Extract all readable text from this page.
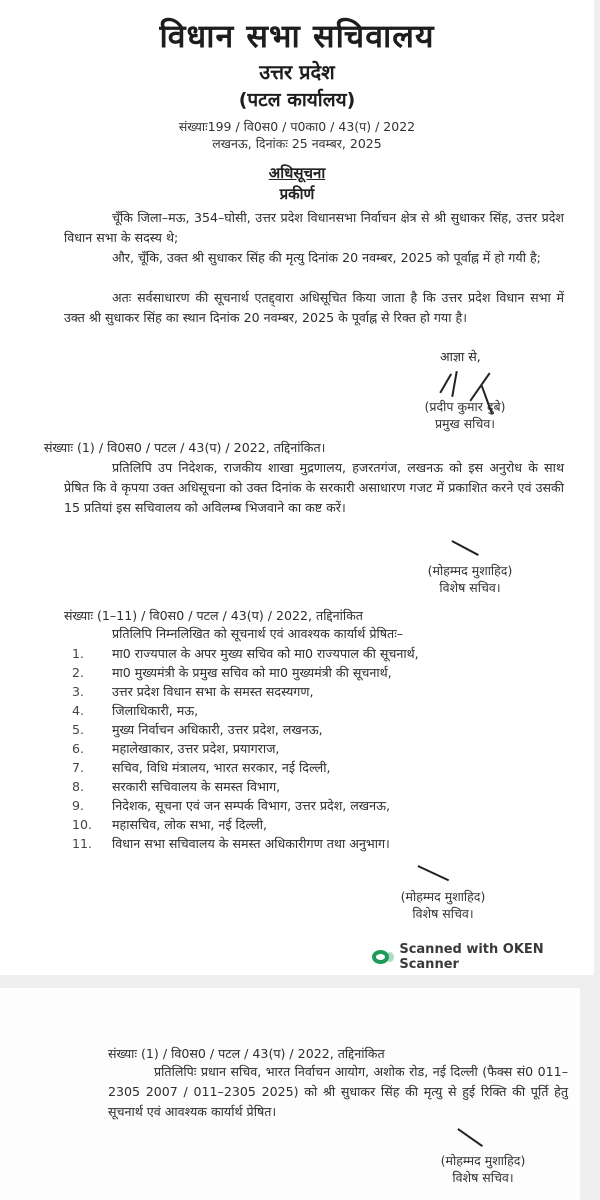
विधान सभा सचिवालय
उत्तर प्रदेश
(पटल कार्यालय)
संख्याः199 / वि0स0 / प0का0 / 43(प) / 2022
लखनऊ, दिनांकः 25 नवम्बर, 2025
अधिसूचना
प्रकीर्ण
चूँकि जिला–मऊ, 354–घोसी, उत्तर प्रदेश विधानसभा निर्वाचन क्षेत्र से श्री सुधाकर सिंह, उत्तर प्रदेश विधान सभा के सदस्य थे;
और, चूँकि, उक्त श्री सुधाकर सिंह की मृत्यु दिनांक 20 नवम्बर, 2025 को पूर्वाह्न में हो गयी है;
अतः सर्वसाधारण की सूचनार्थ एतद्द्वारा अधिसूचित किया जाता है कि उत्तर प्रदेश विधान सभा में उक्त श्री सुधाकर सिंह का स्थान दिनांक 20 नवम्बर, 2025 के पूर्वाह्न से रिक्त हो गया है।
आज्ञा से,
(प्रदीप कुमार दुबे)
प्रमुख सचिव।
संख्याः (1) / वि0स0 / पटल / 43(प) / 2022, तद्दिनांकित।
प्रतिलिपि उप निदेशक, राजकीय शाखा मुद्रणालय, हजरतगंज, लखनऊ को इस अनुरोध के साथ प्रेषित कि वे कृपया उक्त अधिसूचना को उक्त दिनांक के सरकारी असाधारण गजट में प्रकाशित करने एवं उसकी 15 प्रतियां इस सचिवालय को अविलम्ब भिजवाने का कष्ट करें।
(मोहम्मद मुशाहिद)
विशेष सचिव।
संख्याः (1–11) / वि0स0 / पटल / 43(प) / 2022, तद्दिनांकित
प्रतिलिपि निम्नलिखित को सूचनार्थ एवं आवश्यक कार्यार्थ प्रेषितः–
1. मा0 राज्यपाल के अपर मुख्य सचिव को मा0 राज्यपाल की सूचनार्थ,
2. मा0 मुख्यमंत्री के प्रमुख सचिव को मा0 मुख्यमंत्री की सूचनार्थ,
3. उत्तर प्रदेश विधान सभा के समस्त सदस्यगण,
4. जिलाधिकारी, मऊ,
5. मुख्य निर्वाचन अधिकारी, उत्तर प्रदेश, लखनऊ,
6. महालेखाकार, उत्तर प्रदेश, प्रयागराज,
7. सचिव, विधि मंत्रालय, भारत सरकार, नई दिल्ली,
8. सरकारी सचिवालय के समस्त विभाग,
9. निदेशक, सूचना एवं जन सम्पर्क विभाग, उत्तर प्रदेश, लखनऊ,
10. महासचिव, लोक सभा, नई दिल्ली,
11. विधान सभा सचिवालय के समस्त अधिकारीगण तथा अनुभाग।
(मोहम्मद मुशाहिद)
विशेष सचिव।
Scanned with OKEN Scanner
संख्याः (1) / वि0स0 / पटल / 43(प) / 2022, तद्दिनांकित
प्रतिलिपिः प्रधान सचिव, भारत निर्वाचन आयोग, अशोक रोड, नई दिल्ली (फैक्स सं0 011–2305 2007 / 011–2305 2025) को श्री सुधाकर सिंह की मृत्यु से हुई रिक्ति की पूर्ति हेतु सूचनार्थ एवं आवश्यक कार्यार्थ प्रेषित।
(मोहम्मद मुशाहिद)
विशेष सचिव।
